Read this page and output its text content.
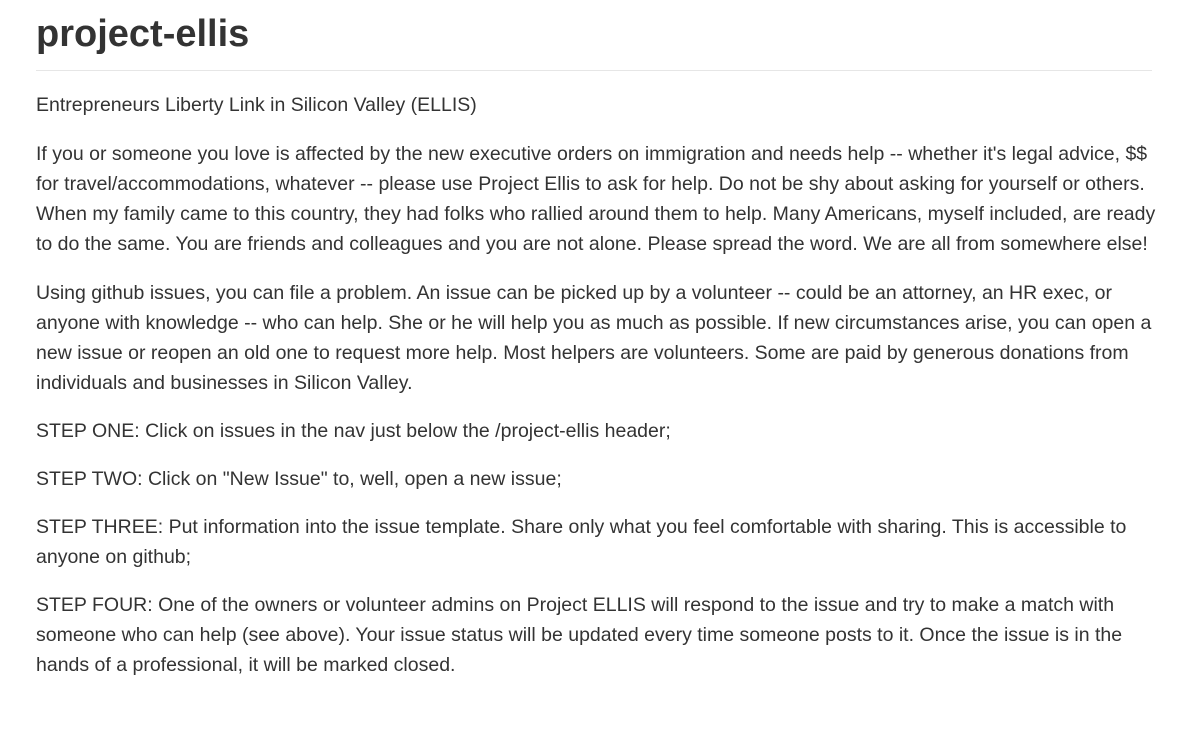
project-ellis

Entrepreneurs Liberty Link in Silicon Valley (ELLIS)

If you or someone you love is affected by the new executive orders on immigration and needs help -- whether it's legal advice, $$ for travel/accommodations, whatever -- please use Project Ellis to ask for help. Do not be shy about asking for yourself or others. When my family came to this country, they had folks who rallied around them to help. Many Americans, myself included, are ready to do the same. You are friends and colleagues and you are not alone. Please spread the word. We are all from somewhere else!

Using github issues, you can file a problem. An issue can be picked up by a volunteer -- could be an attorney, an HR exec, or anyone with knowledge -- who can help. She or he will help you as much as possible. If new circumstances arise, you can open a new issue or reopen an old one to request more help. Most helpers are volunteers. Some are paid by generous donations from individuals and businesses in Silicon Valley.

STEP ONE: Click on issues in the nav just below the /project-ellis header;

STEP TWO: Click on "New Issue" to, well, open a new issue;

STEP THREE: Put information into the issue template. Share only what you feel comfortable with sharing. This is accessible to anyone on github;

STEP FOUR: One of the owners or volunteer admins on Project ELLIS will respond to the issue and try to make a match with someone who can help (see above). Your issue status will be updated every time someone posts to it. Once the issue is in the hands of a professional, it will be marked closed.
